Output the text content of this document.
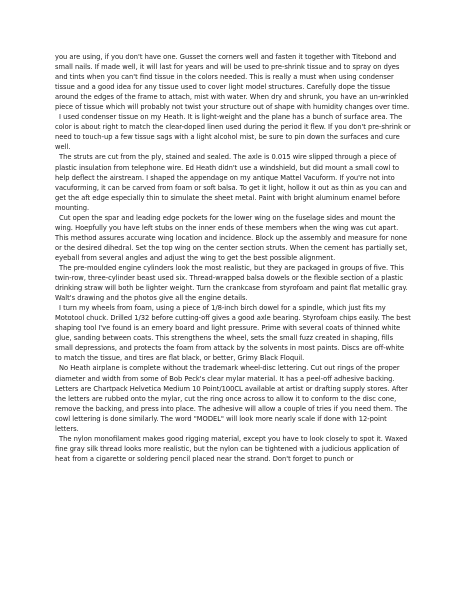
you are using, if you don't have one. Gusset the corners well and fasten it together with Titebond and small nails. If made well, it will last for years and will be used to pre-shrink tissue and to spray on dyes and tints when you can't find tissue in the colors needed. This is really a must when using condenser tissue and a good idea for any tissue used to cover light model structures. Carefully dope the tissue around the edges of the frame to attach, mist with water. When dry and shrunk, you have an un-wrinkled piece of tissue which will probably not twist your structure out of shape with humidity changes over time.

I used condenser tissue on my Heath. It is light-weight and the plane has a bunch of surface area. The color is about right to match the clear-doped linen used during the period it flew. If you don't pre-shrink or need to touch-up a few tissue sags with a light alcohol mist, be sure to pin down the surfaces and cure well.

The struts are cut from the ply, stained and sealed. The axle is 0.015 wire slipped through a piece of plastic insulation from telephone wire. Ed Heath didn't use a windshield, but did mount a small cowl to help deflect the airstream. I shaped the appendage on my antique Mattel Vacuform. If you're not into vacuforming, it can be carved from foam or soft balsa. To get it light, hollow it out as thin as you can and get the aft edge especially thin to simulate the sheet metal. Paint with bright aluminum enamel before mounting.

Cut open the spar and leading edge pockets for the lower wing on the fuselage sides and mount the wing. Hoepfully you have left stubs on the inner ends of these members when the wing was cut apart. This method assures accurate wing location and incidence. Block up the assembly and measure for none or the desired dihedral. Set the top wing on the center section struts. When the cement has partially set, eyeball from several angles and adjust the wing to get the best possible alignment.

The pre-moulded engine cylinders look the most realistic, but they are packaged in groups of five. This twin-row, three-cylinder beast used six. Thread-wrapped balsa dowels or the flexible section of a plastic drinking straw will both be lighter weight. Turn the crankcase from styrofoam and paint flat metallic gray. Walt's drawing and the photos give all the engine details.

I turn my wheels from foam, using a piece of 1/8-inch birch dowel for a spindle, which just fits my Mototool chuck. Drilled 1/32 before cutting-off gives a good axle bearing. Styrofoam chips easily. The best shaping tool I've found is an emery board and light pressure. Prime with several coats of thinned white glue, sanding between coats. This strengthens the wheel, sets the small fuzz created in shaping, fills small depressions, and protects the foam from attack by the solvents in most paints. Discs are off-white to match the tissue, and tires are flat black, or better, Grimy Black Floquil.

No Heath airplane is complete without the trademark wheel-disc lettering. Cut out rings of the proper diameter and width from some of Bob Peck's clear mylar material. It has a peel-off adhesive backing. Letters are Chartpack Helvetica Medium 10 Point/100CL available at artist or drafting supply stores. After the letters are rubbed onto the mylar, cut the ring once across to allow it to conform to the disc cone, remove the backing, and press into place. The adhesive will allow a couple of tries if you need them. The cowl lettering is done similarly. The word "MODEL" will look more nearly scale if done with 12-point letters.

The nylon monofilament makes good rigging material, except you have to look closely to spot it. Waxed fine gray silk thread looks more realistic, but the nylon can be tightened with a judicious application of heat from a cigarette or soldering pencil placed near the strand. Don't forget to punch or
